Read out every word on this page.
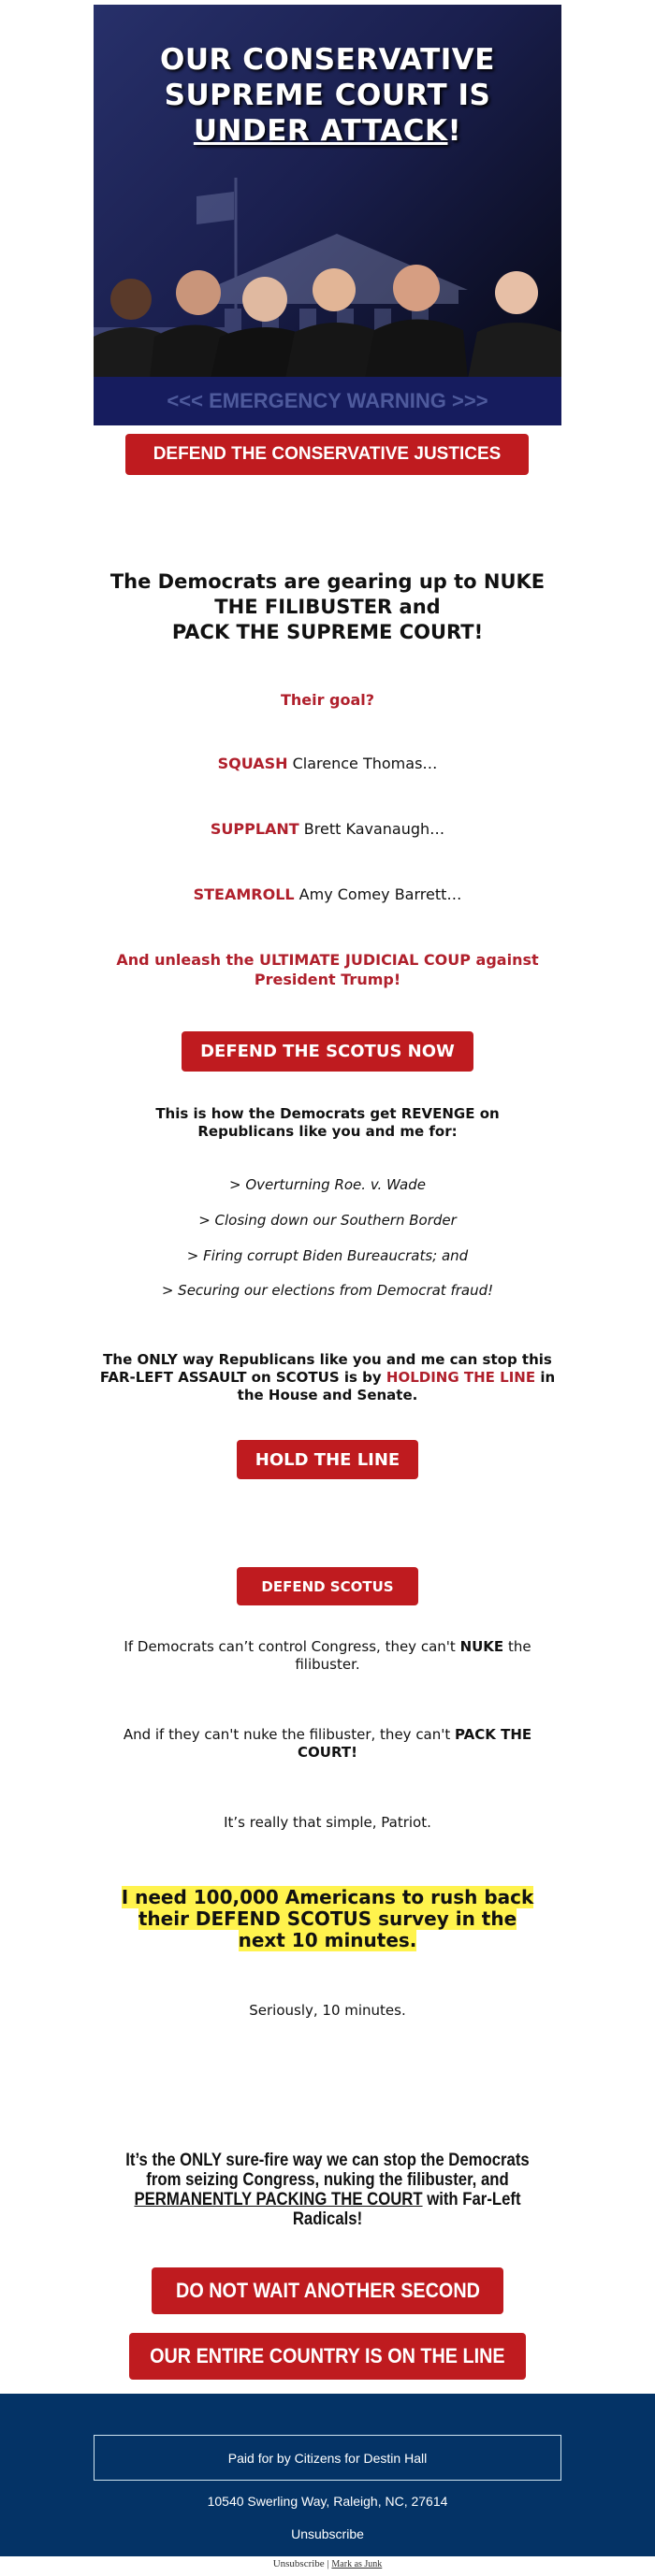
OUR CONSERVATIVE
SUPREME COURT IS
UNDER ATTACK!
<<< EMERGENCY WARNING >>>
DEFEND THE CONSERVATIVE JUSTICES
The Democrats are gearing up to NUKE
THE FILIBUSTER and
PACK THE SUPREME COURT!
Their goal?
SQUASH Clarence Thomas…
SUPPLANT Brett Kavanaugh…
STEAMROLL Amy Comey Barrett…
And unleash the ULTIMATE JUDICIAL COUP against
President Trump!
DEFEND THE SCOTUS NOW
This is how the Democrats get REVENGE on
Republicans like you and me for:
> Overturning Roe. v. Wade
> Closing down our Southern Border
> Firing corrupt Biden Bureaucrats; and
> Securing our elections from Democrat fraud!
The ONLY way Republicans like you and me can stop this FAR-LEFT ASSAULT on SCOTUS is by HOLDING THE LINE in the House and Senate.
HOLD THE LINE
DEFEND SCOTUS
If Democrats can’t control Congress, they can't NUKE the filibuster.
And if they can't nuke the filibuster, they can't PACK THE COURT!
It’s really that simple, Patriot.
I need 100,000 Americans to rush back their DEFEND SCOTUS survey in the next 10 minutes.
Seriously, 10 minutes.
It’s the ONLY sure-fire way we can stop the Democrats from seizing Congress, nuking the filibuster, and PERMANENTLY PACKING THE COURT with Far-Left Radicals!
DO NOT WAIT ANOTHER SECOND
OUR ENTIRE COUNTRY IS ON THE LINE
Paid for by Citizens for Destin Hall
10540 Swerling Way, Raleigh, NC, 27614
Unsubscribe
Unsubscribe | Mark as Junk
